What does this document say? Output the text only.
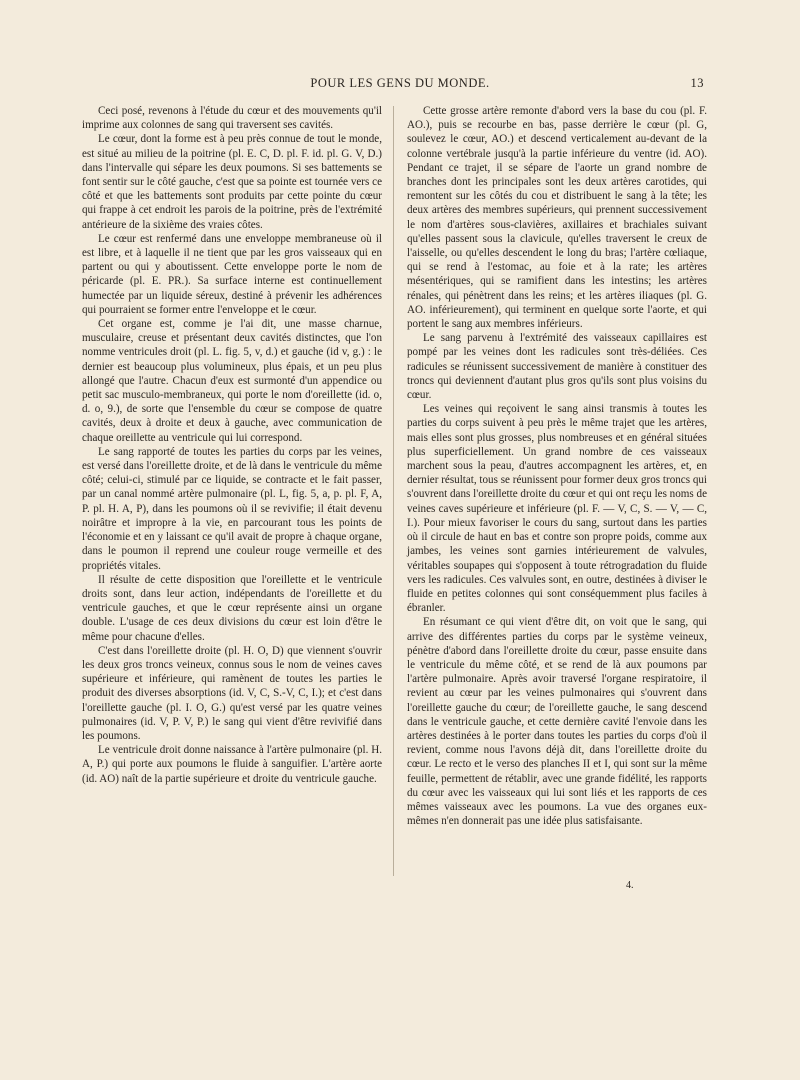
POUR LES GENS DU MONDE.	13

Ceci posé, revenons à l'étude du cœur et des mouvements qu'il imprime aux colonnes de sang qui traversent ses cavités.

Le cœur, dont la forme est à peu près connue de tout le monde, est situé au milieu de la poitrine (pl. E. C, D. pl. F. id. pl. G. V, D.) dans l'intervalle qui sépare les deux poumons. Si ses battements se font sentir sur le côté gauche, c'est que sa pointe est tournée vers ce côté et que les battements sont produits par cette pointe du cœur qui frappe à cet endroit les parois de la poitrine, près de l'extrémité antérieure de la sixième des vraies côtes.

Le cœur est renfermé dans une enveloppe membraneuse où il est libre, et à laquelle il ne tient que par les gros vaisseaux qui en partent ou qui y aboutissent. Cette enveloppe porte le nom de péricarde (pl. E. PR.). Sa surface interne est continuellement humectée par un liquide séreux, destiné à prévenir les adhérences qui pourraient se former entre l'enveloppe et le cœur.

Cet organe est, comme je l'ai dit, une masse charnue, musculaire, creuse et présentant deux cavités distinctes, que l'on nomme ventricules droit (pl. L. fig. 5, v, d.) et gauche (id v, g.) : le dernier est beaucoup plus volumineux, plus épais, et un peu plus allongé que l'autre. Chacun d'eux est surmonté d'un appendice ou petit sac musculo-membraneux, qui porte le nom d'oreillette (id. o, d. o, 9.), de sorte que l'ensemble du cœur se compose de quatre cavités, deux à droite et deux à gauche, avec communication de chaque oreillette au ventricule qui lui correspond.

Le sang rapporté de toutes les parties du corps par les veines, est versé dans l'oreillette droite, et de là dans le ventricule du même côté; celui-ci, stimulé par ce liquide, se contracte et le fait passer, par un canal nommé artère pulmonaire (pl. L, fig. 5, a, p. pl. F, A, P. pl. H. A, P), dans les poumons où il se revivifie; il était devenu noirâtre et impropre à la vie, en parcourant tous les points de l'économie et en y laissant ce qu'il avait de propre à chaque organe, dans le poumon il reprend une couleur rouge vermeille et des propriétés vitales.

Il résulte de cette disposition que l'oreillette et le ventricule droits sont, dans leur action, indépendants de l'oreillette et du ventricule gauches, et que le cœur représente ainsi un organe double. L'usage de ces deux divisions du cœur est loin d'être le même pour chacune d'elles.

C'est dans l'oreillette droite (pl. H. O, D) que viennent s'ouvrir les deux gros troncs veineux, connus sous le nom de veines caves supérieure et inférieure, qui ramènent de toutes les parties le produit des diverses absorptions (id. V, C, S.-V, C, I.); et c'est dans l'oreillette gauche (pl. I. O, G.) qu'est versé par les quatre veines pulmonaires (id. V, P. V, P.) le sang qui vient d'être revivifié dans les poumons.

Le ventricule droit donne naissance à l'artère pulmonaire (pl. H. A, P.) qui porte aux poumons le fluide à sanguifier. L'artère aorte (id. AO) naît de la partie supérieure et droite du ventricule gauche.

Cette grosse artère remonte d'abord vers la base du cou (pl. F. AO.), puis se recourbe en bas, passe derrière le cœur (pl. G, soulevez le cœur, AO.) et descend verticalement au-devant de la colonne vertébrale jusqu'à la partie inférieure du ventre (id. AO). Pendant ce trajet, il se sépare de l'aorte un grand nombre de branches dont les principales sont les deux artères carotides, qui remontent sur les côtés du cou et distribuent le sang à la tête; les deux artères des membres supérieurs, qui prennent successivement le nom d'artères sous-clavières, axillaires et brachiales suivant qu'elles passent sous la clavicule, qu'elles traversent le creux de l'aisselle, ou qu'elles descendent le long du bras; l'artère cœliaque, qui se rend à l'estomac, au foie et à la rate; les artères mésentériques, qui se ramifient dans les intestins; les artères rénales, qui pénètrent dans les reins; et les artères iliaques (pl. G. AO. inférieurement), qui terminent en quelque sorte l'aorte, et qui portent le sang aux membres inférieurs.

Le sang parvenu à l'extrémité des vaisseaux capillaires est pompé par les veines dont les radicules sont très-déliées. Ces radicules se réunissent successivement de manière à constituer des troncs qui deviennent d'autant plus gros qu'ils sont plus voisins du cœur.

Les veines qui reçoivent le sang ainsi transmis à toutes les parties du corps suivent à peu près le même trajet que les artères, mais elles sont plus grosses, plus nombreuses et en général situées plus superficiellement. Un grand nombre de ces vaisseaux marchent sous la peau, d'autres accompagnent les artères, et, en dernier résultat, tous se réunissent pour former deux gros troncs qui s'ouvrent dans l'oreillette droite du cœur et qui ont reçu les noms de veines caves supérieure et inférieure (pl. F. — V, C, S. — V, — C, I.). Pour mieux favoriser le cours du sang, surtout dans les parties où il circule de haut en bas et contre son propre poids, comme aux jambes, les veines sont garnies intérieurement de valvules, véritables soupapes qui s'opposent à toute rétrogradation du fluide vers les radicules. Ces valvules sont, en outre, destinées à diviser le fluide en petites colonnes qui sont conséquemment plus faciles à ébranler.

En résumant ce qui vient d'être dit, on voit que le sang, qui arrive des différentes parties du corps par le système veineux, pénètre d'abord dans l'oreillette droite du cœur, passe ensuite dans le ventricule du même côté, et se rend de là aux poumons par l'artère pulmonaire. Après avoir traversé l'organe respiratoire, il revient au cœur par les veines pulmonaires qui s'ouvrent dans l'oreillette gauche du cœur; de l'oreillette gauche, le sang descend dans le ventricule gauche, et cette dernière cavité l'envoie dans les artères destinées à le porter dans toutes les parties du corps d'où il revient, comme nous l'avons déjà dit, dans l'oreillette droite du cœur. Le recto et le verso des planches II et I, qui sont sur la même feuille, permettent de rétablir, avec une grande fidélité, les rapports du cœur avec les vaisseaux qui lui sont liés et les rapports de ces mêmes vaisseaux avec les poumons. La vue des organes eux-mêmes n'en donnerait pas une idée plus satisfaisante.

4.
